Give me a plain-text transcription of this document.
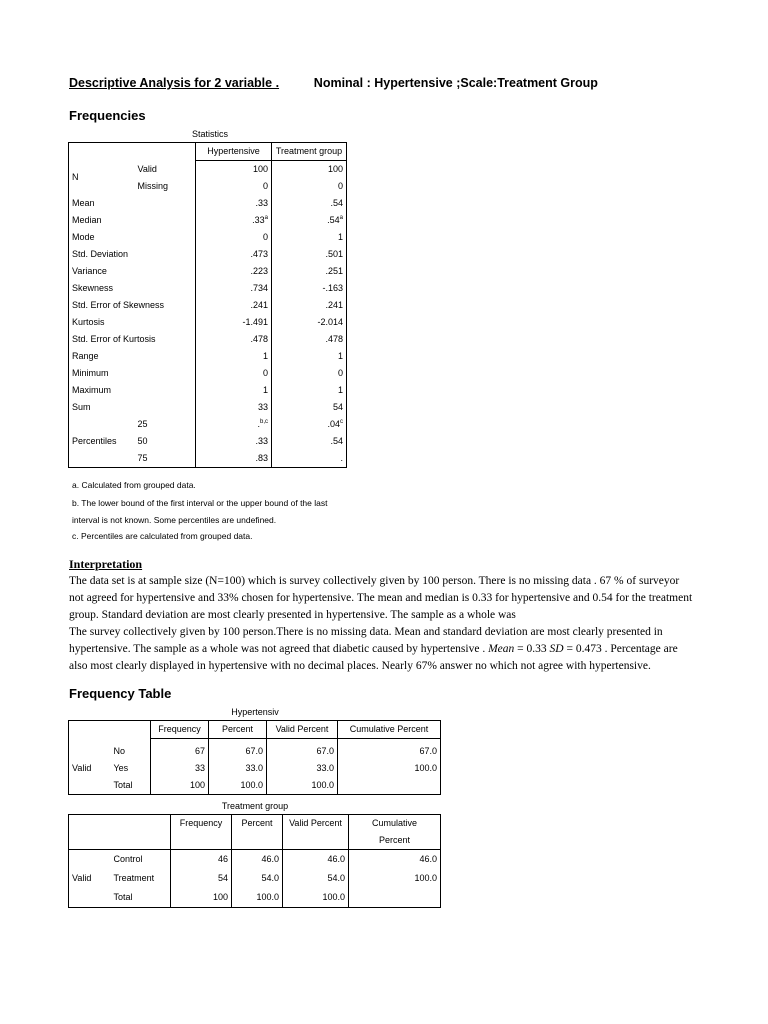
Descriptive Analysis for 2 variable .	Nominal : Hypertensive ;Scale:Treatment Group
Frequencies
Statistics
		Hypertensive	Treatment group
N	Valid	100	100
	Missing	0	0
Mean		.33	.54
Median		.33$^a$	.54$^a$
Mode		0	1
Std. Deviation		.473	.501
Variance		.223	.251
Skewness		.734	-.163
Std. Error of Skewness		.241	.241
Kurtosis		-1.491	-2.014
Std. Error of Kurtosis		.478	.478
Range		1	1
Minimum		0	0
Maximum		1	1
Sum		33	54
Percentiles	25	.$^{b,c}$	.04$^c$
	50	.33	.54
	75	.83	.
a. Calculated from grouped data.
b. The lower bound of the first interval or the upper bound of the last
interval is not known. Some percentiles are undefined.
c. Percentiles are calculated from grouped data.
Interpretation

The data set is at sample size (N=100) which is survey collectively given by 100 person. There is no missing data . 67 % of surveyor not agreed for hypertensive and 33% chosen for hypertensive. The mean and median is 0.33 for hypertensive and 0.54 for the treatment group. Standard deviation are most clearly presented in hypertensive. The sample as a whole was

The survey collectively given by 100 person.There is no missing data. Mean and standard deviation are most clearly presented in hypertensive. The sample as a whole was not agreed that diabetic caused by hypertensive . Mean = 0.33 SD = 0.473 . Percentage are also most clearly displayed in hypertensive with no decimal places. Nearly 67% answer no which not agree with hypertensive.

Frequency Table
Hypertensiv
		Frequency	Percent	Valid Percent	Cumulative Percent

Valid	No	67	67.0	67.0	67.0
	Yes	33	33.0	33.0	100.0
	Total	100	100.0	100.0	
Treatment group
		Frequency	Percent	Valid Percent	Cumulative
					Percent
Valid	Control	46	46.0	46.0	46.0
	Treatment	54	54.0	54.0	100.0
	Total	100	100.0	100.0	
